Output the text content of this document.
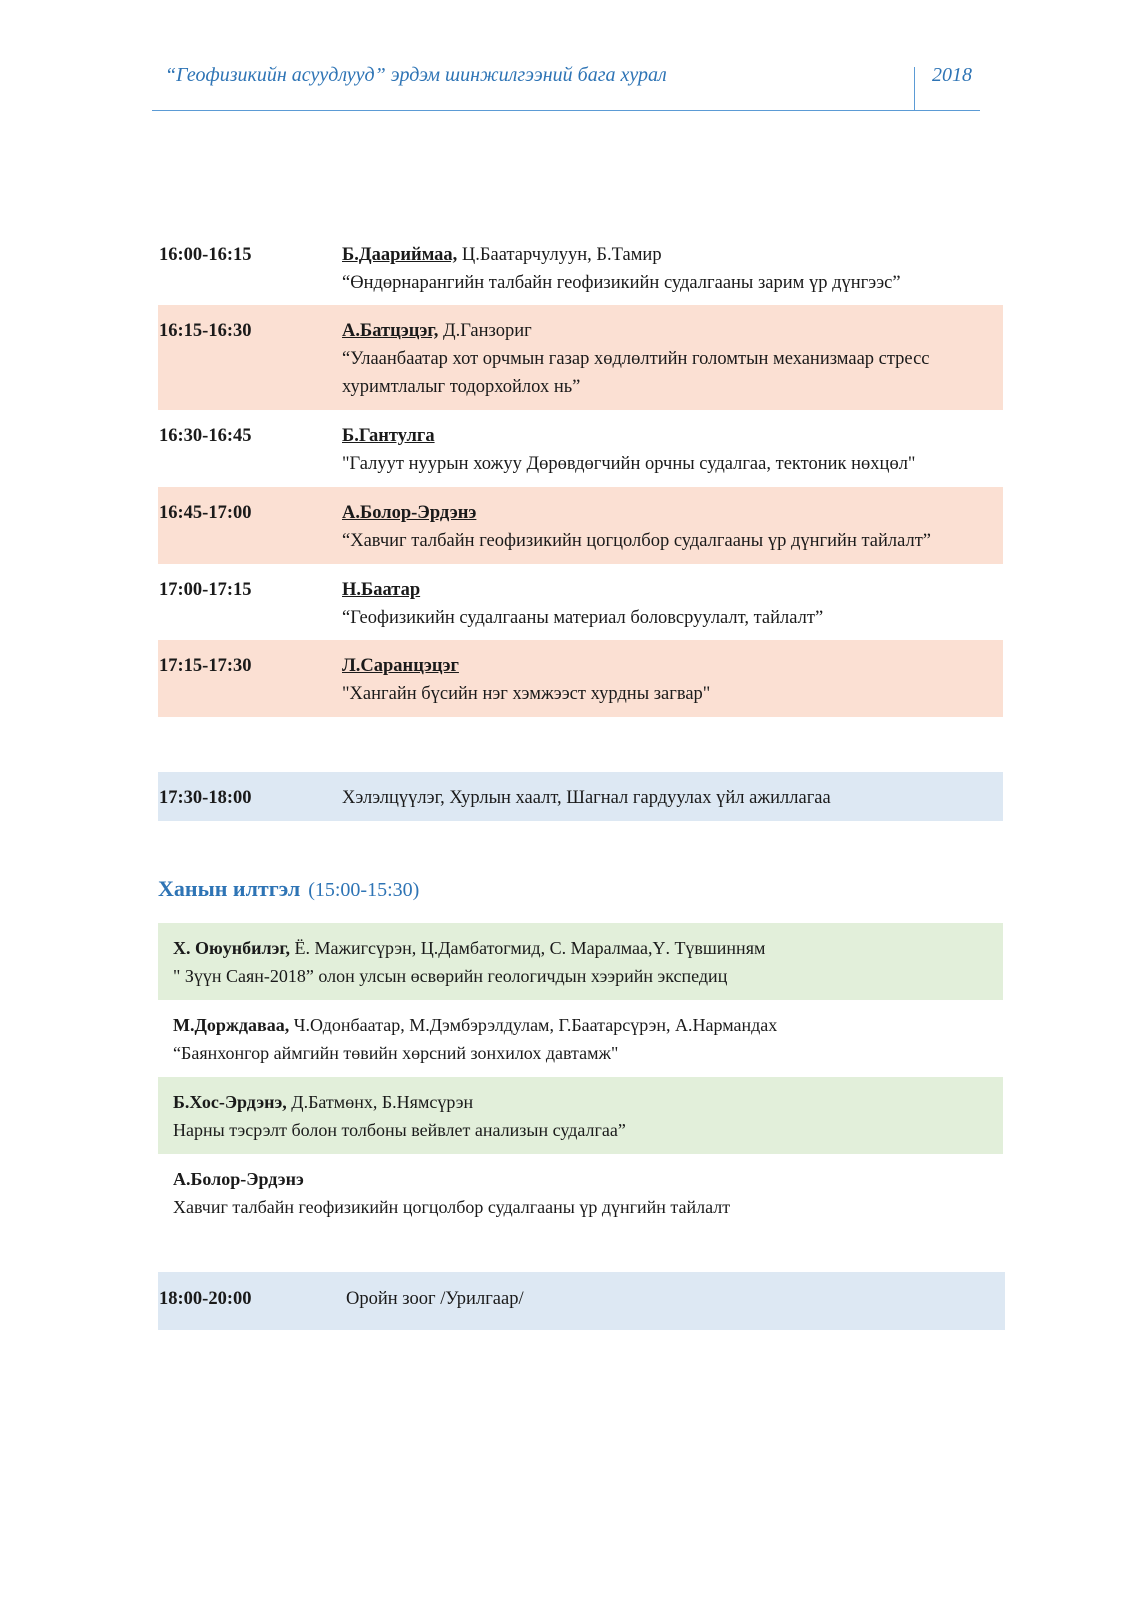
“Геофизикийн асуудлууд” эрдэм шинжилгээний бага хурал	2018
16:00-16:15	Б.Даариймаа, Ц.Баатарчулуун, Б.Тамир
“Өндөрнарангийн талбайн геофизикийн судалгааны зарим үр дүнгээс”
16:15-16:30	А.Батцэцэг, Д.Ганзориг
“Улаанбаатар хот орчмын газар хөдлөлтийн голомтын механизмаар стресс хуримтлалыг тодорхойлох нь”
16:30-16:45	Б.Гантулга
"Галуут нуурын хожуу Дөрөвдөгчийн орчны судалгаа, тектоник нөхцөл"
16:45-17:00	А.Болор-Эрдэнэ
“Хавчиг талбайн геофизикийн цогцолбор судалгааны үр дүнгийн тайлалт”
17:00-17:15	Н.Баатар
“Геофизикийн судалгааны материал боловсруулалт, тайлалт”
17:15-17:30	Л.Саранцэцэг
"Хангайн бүсийн нэг хэмжээст хурдны загвар"
17:30-18:00	Хэлэлцүүлэг, Хурлын хаалт, Шагнал гардуулах үйл ажиллагаа
Ханын илтгэл (15:00-15:30)
Х. Оюунбилэг, Ё. Мажигсүрэн, Ц.Дамбатогмид, С. Маралмаа,Ү. Түвшинням
" Зүүн Саян-2018” олон улсын өсвөрийн геологичдын хээрийн экспедиц
М.Дорждавaа, Ч.Одонбаатар, М.Дэмбэрэлдулам, Г.Баатарсүрэн, А.Нармандах
“Баянхонгор аймгийн төвийн хөрсний зонхилох давтамж"
Б.Хос-Эрдэнэ, Д.Батмөнх, Б.Нямсүрэн
Нарны тэсрэлт болон толбоны вейвлет анализын судалгаа”
А.Болор-Эрдэнэ
Хавчиг талбайн геофизикийн цогцолбор судалгааны үр дүнгийн тайлалт
18:00-20:00	Оройн зоог /Урилгаар/
